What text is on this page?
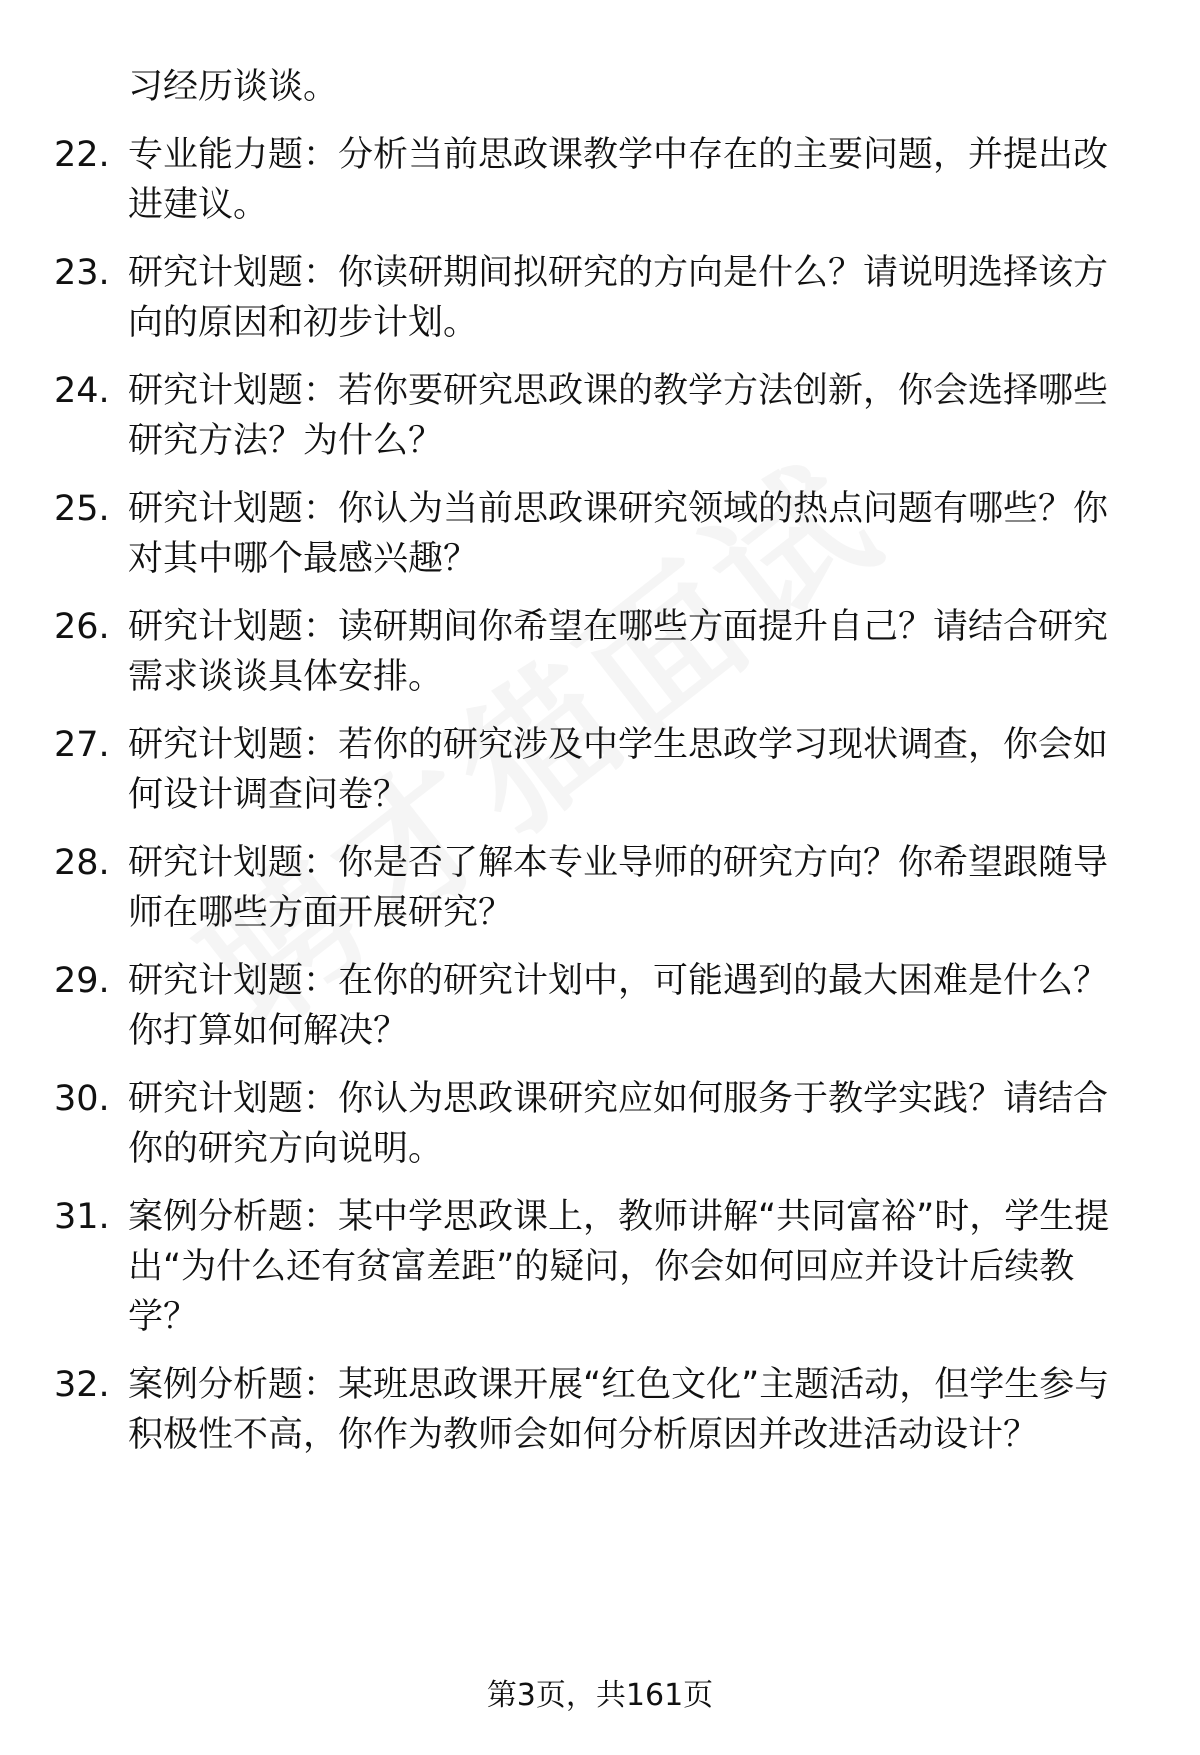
习经历谈谈。
22. 专业能力题：分析当前思政课教学中存在的主要问题，并提出改进建议。
23. 研究计划题：你读研期间拟研究的方向是什么？请说明选择该方向的原因和初步计划。
24. 研究计划题：若你要研究思政课的教学方法创新，你会选择哪些研究方法？为什么？
25. 研究计划题：你认为当前思政课研究领域的热点问题有哪些？你对其中哪个最感兴趣？
26. 研究计划题：读研期间你希望在哪些方面提升自己？请结合研究需求谈谈具体安排。
27. 研究计划题：若你的研究涉及中学生思政学习现状调查，你会如何设计调查问卷？
28. 研究计划题：你是否了解本专业导师的研究方向？你希望跟随导师在哪些方面开展研究？
29. 研究计划题：在你的研究计划中，可能遇到的最大困难是什么？你打算如何解决？
30. 研究计划题：你认为思政课研究应如何服务于教学实践？请结合你的研究方向说明。
31. 案例分析题：某中学思政课上，教师讲解“共同富裕”时，学生提出“为什么还有贫富差距”的疑问，你会如何回应并设计后续教学？
32. 案例分析题：某班思政课开展“红色文化”主题活动，但学生参与积极性不高，你作为教师会如何分析原因并改进活动设计？
第3页，共161页
